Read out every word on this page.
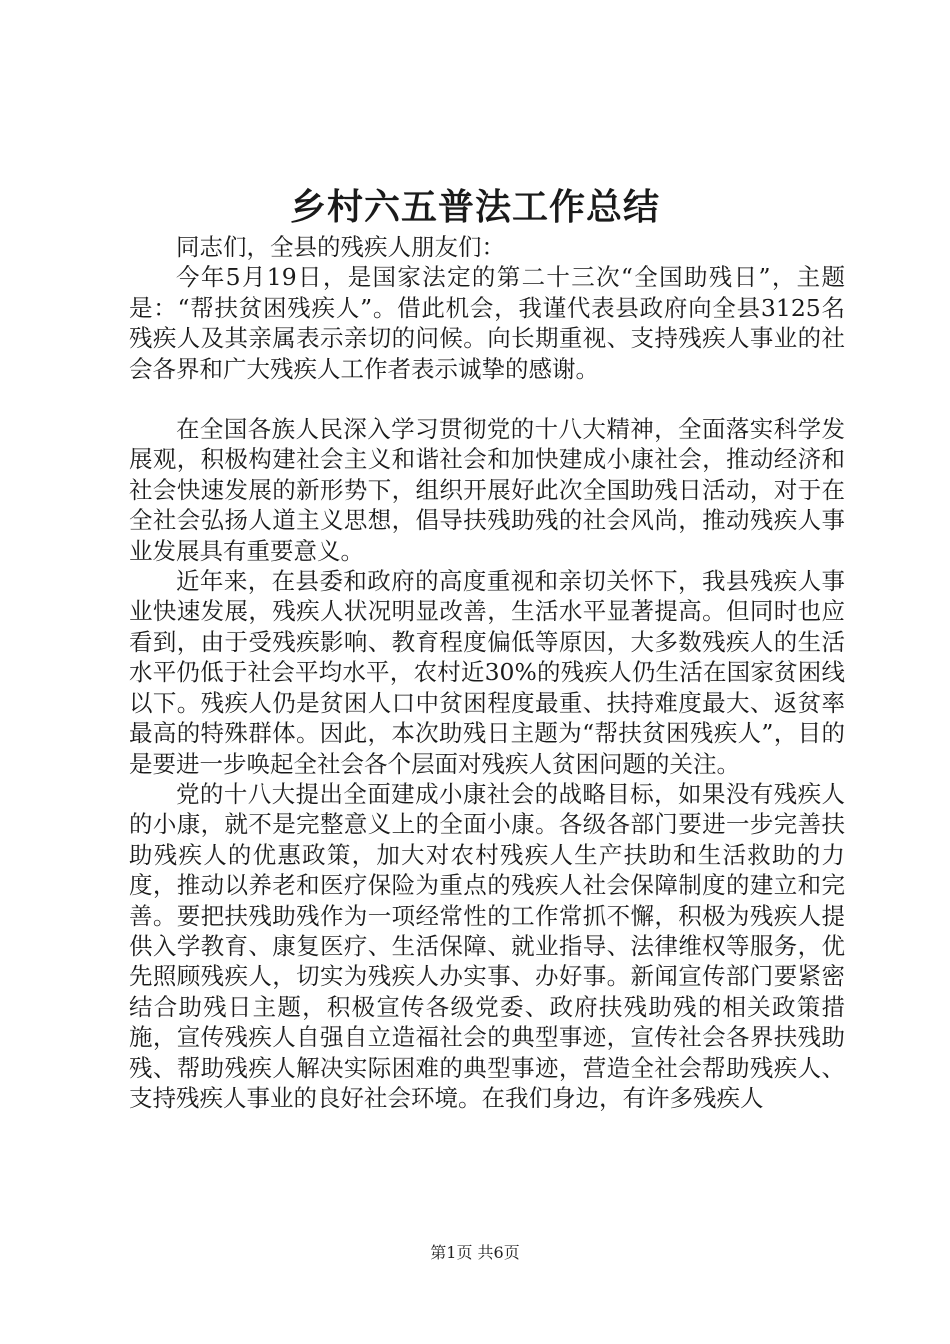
乡村六五普法工作总结

同志们，全县的残疾人朋友们：

今年5月19日，是国家法定的第二十三次“全国助残日”，主题是：“帮扶贫困残疾人”。借此机会，我谨代表县政府向全县3125名残疾人及其亲属表示亲切的问候。向长期重视、支持残疾人事业的社会各界和广大残疾人工作者表示诚挚的感谢。

在全国各族人民深入学习贯彻党的十八大精神，全面落实科学发展观，积极构建社会主义和谐社会和加快建成小康社会，推动经济和社会快速发展的新形势下，组织开展好此次全国助残日活动，对于在全社会弘扬人道主义思想，倡导扶残助残的社会风尚，推动残疾人事业发展具有重要意义。

近年来，在县委和政府的高度重视和亲切关怀下，我县残疾人事业快速发展，残疾人状况明显改善，生活水平显著提高。但同时也应看到，由于受残疾影响、教育程度偏低等原因，大多数残疾人的生活水平仍低于社会平均水平，农村近30%的残疾人仍生活在国家贫困线以下。残疾人仍是贫困人口中贫困程度最重、扶持难度最大、返贫率最高的特殊群体。因此，本次助残日主题为“帮扶贫困残疾人”，目的是要进一步唤起全社会各个层面对残疾人贫困问题的关注。

党的十八大提出全面建成小康社会的战略目标，如果没有残疾人的小康，就不是完整意义上的全面小康。各级各部门要进一步完善扶助残疾人的优惠政策，加大对农村残疾人生产扶助和生活救助的力度，推动以养老和医疗保险为重点的残疾人社会保障制度的建立和完善。要把扶残助残作为一项经常性的工作常抓不懈，积极为残疾人提供入学教育、康复医疗、生活保障、就业指导、法律维权等服务，优先照顾残疾人，切实为残疾人办实事、办好事。新闻宣传部门要紧密结合助残日主题，积极宣传各级党委、政府扶残助残的相关政策措施，宣传残疾人自强自立造福社会的典型事迹，宣传社会各界扶残助残、帮助残疾人解决实际困难的典型事迹，营造全社会帮助残疾人、支持残疾人事业的良好社会环境。在我们身边，有许多残疾人

第1页 共6页
